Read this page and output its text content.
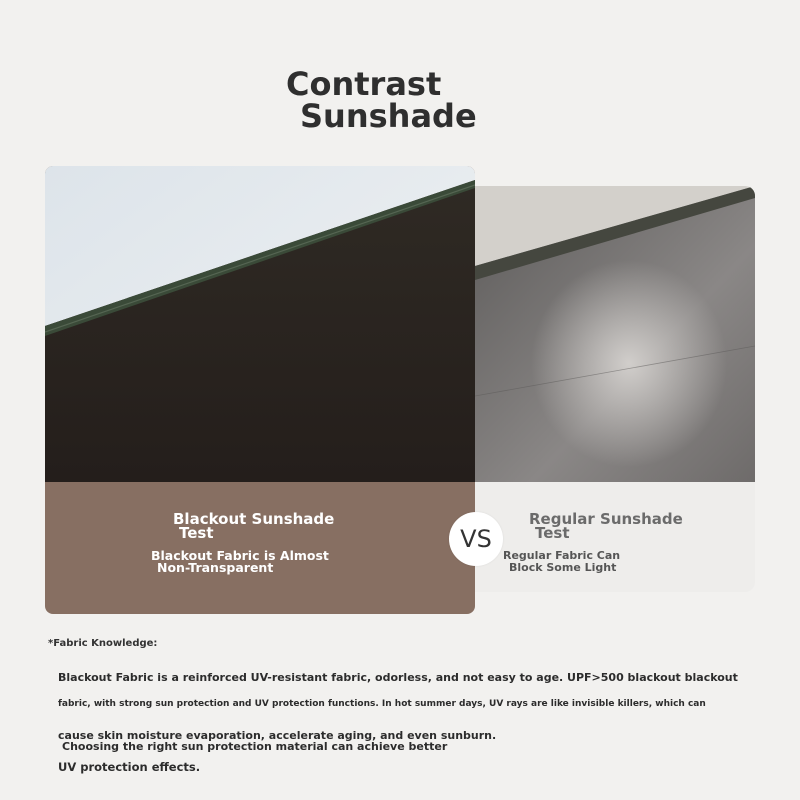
Contrast
Sunshade

Blackout Sunshade
Test

Blackout Fabric is Almost
Non-Transparent

Regular Sunshade
Test

Regular Fabric Can
Block Some Light

VS
*Fabric Knowledge:

Blackout Fabric is a reinforced UV-resistant fabric, odorless, and not easy to age. UPF>500 blackout blackout

fabric, with strong sun protection and UV protection functions. In hot summer days, UV rays are like invisible killers, which can

cause skin moisture evaporation, accelerate aging, and even sunburn.
Choosing the right sun protection material can achieve better

UV protection effects.
